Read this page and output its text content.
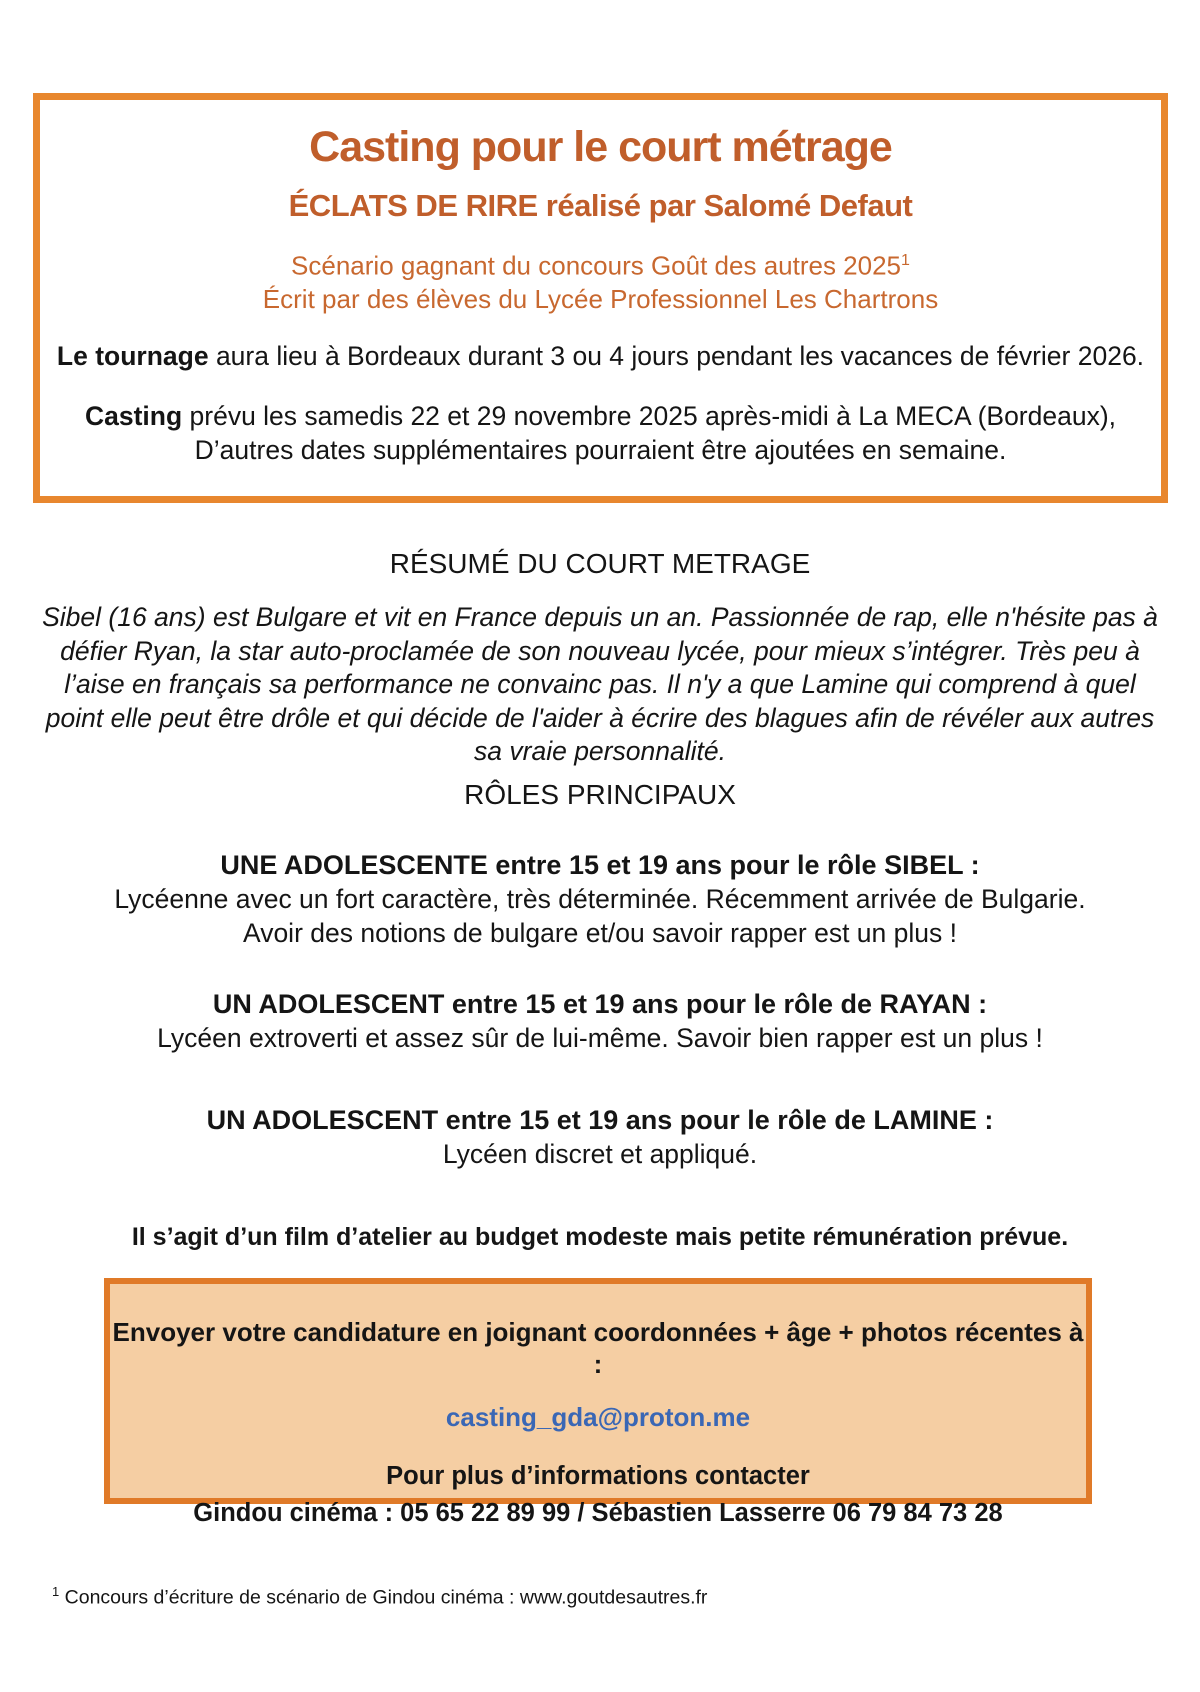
Casting pour le court métrage
ÉCLATS DE RIRE réalisé par Salomé Defaut
Scénario gagnant du concours Goût des autres 2025$^1$
Écrit par des élèves du Lycée Professionnel Les Chartrons
Le tournage aura lieu à Bordeaux durant 3 ou 4 jours pendant les vacances de février 2026.
Casting prévu les samedis 22 et 29 novembre 2025 après-midi à La MECA (Bordeaux),
D’autres dates supplémentaires pourraient être ajoutées en semaine.
RÉSUMÉ DU COURT METRAGE
Sibel (16 ans) est Bulgare et vit en France depuis un an. Passionnée de rap, elle n'hésite pas à défier Ryan, la star auto-proclamée de son nouveau lycée, pour mieux s’intégrer. Très peu à l’aise en français sa performance ne convainc pas. Il n'y a que Lamine qui comprend à quel point elle peut être drôle et qui décide de l'aider à écrire des blagues afin de révéler aux autres sa vraie personnalité.
RÔLES PRINCIPAUX
UNE ADOLESCENTE entre 15 et 19 ans pour le rôle SIBEL :
Lycéenne avec un fort caractère, très déterminée. Récemment arrivée de Bulgarie.
Avoir des notions de bulgare et/ou savoir rapper est un plus !
UN ADOLESCENT entre 15 et 19 ans pour le rôle de RAYAN :
Lycéen extroverti et assez sûr de lui-même. Savoir bien rapper est un plus !
UN ADOLESCENT entre 15 et 19 ans pour le rôle de LAMINE :
Lycéen discret et appliqué.
Il s’agit d’un film d’atelier au budget modeste mais petite rémunération prévue.
Envoyer votre candidature en joignant coordonnées + âge + photos récentes à :
casting_gda@proton.me
Pour plus d’informations contacter
Gindou cinéma : 05 65 22 89 99 / Sébastien Lasserre 06 79 84 73 28
$^1$ Concours d’écriture de scénario de Gindou cinéma : www.goutdesautres.fr
